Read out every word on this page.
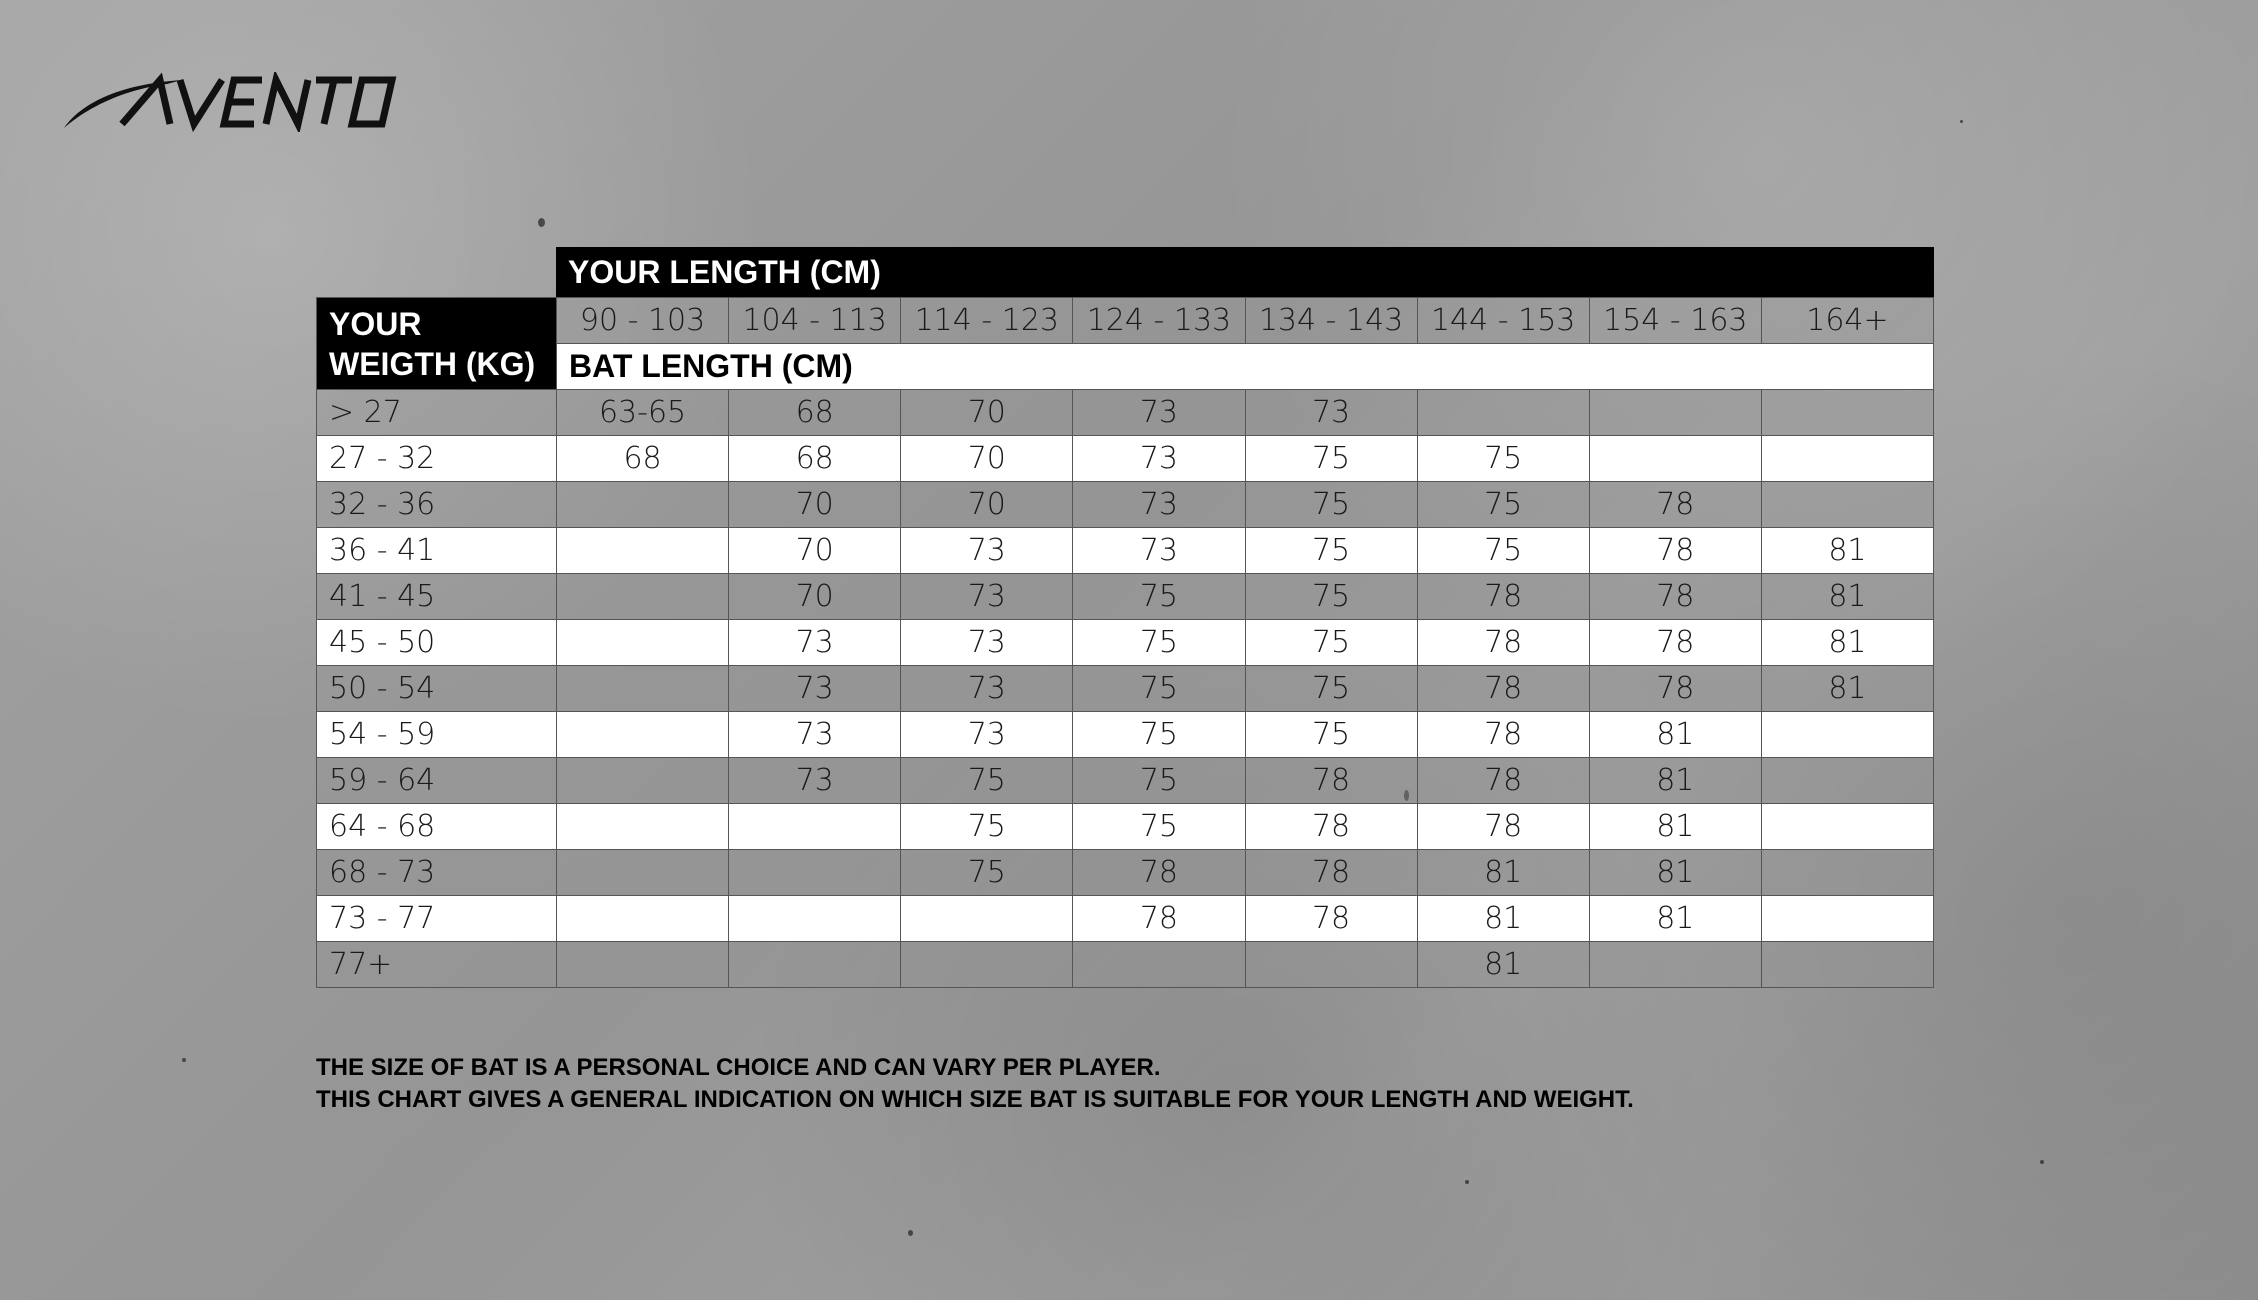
YOUR LENGTH (CM)
YOUR
WEIGTH (KG)	90 - 103	104 - 113	114 - 123	124 - 133	134 - 143	144 - 153	154 - 163	164+
	BAT LENGTH (CM)							
> 27	63-65	68	70	73	73			
27 - 32	68	68	70	73	75	75		
32 - 36		70	70	73	75	75	78	
36 - 41		70	73	73	75	75	78	81
41 - 45		70	73	75	75	78	78	81
45 - 50		73	73	75	75	78	78	81
50 - 54		73	73	75	75	78	78	81
54 - 59		73	73	75	75	78	81	
59 - 64		73	75	75	78	78	81	
64 - 68			75	75	78	78	81	
68 - 73			75	78	78	81	81	
73 - 77				78	78	81	81	
77+						81		
THE SIZE OF BAT IS A PERSONAL CHOICE AND CAN VARY PER PLAYER.
THIS CHART GIVES A GENERAL INDICATION ON WHICH SIZE BAT IS SUITABLE FOR YOUR LENGTH AND WEIGHT.
